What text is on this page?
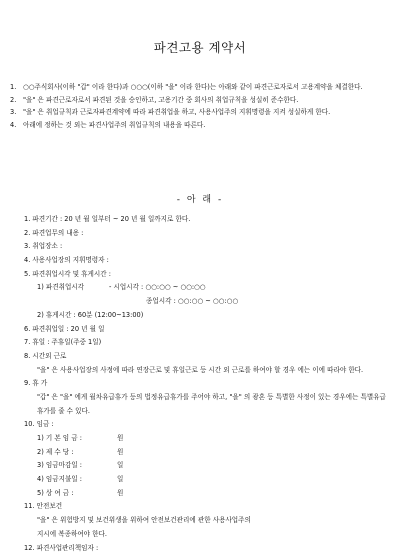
파견고용 계약서
1.	○○주식회사(이하 "갑" 이라 한다)과 ○○○(이하 "을" 이라 한다)는 아래와 같이 파견근로자로서 고용계약을 체결한다.
2.	"을" 은 파견근로자로서 파견된 것을 승인하고, 고용기간 중 회사의 취업규칙을 성실히 준수한다.
3.	"을" 은 취업규칙과 근로자파견계약에 따라 파견취업을 하고, 사용사업주의 지휘명령을 지켜 성실하게 한다.
4.	아래에 정하는 것 외는 파견사업주의 취업규칙의 내용을 따른다.
- 아 래 -
1. 파견기간 : 20 년 월 일부터 ~ 20 년 월 일까지로 한다.
2. 파견업무의 내용 :
3. 취업장소 :
4. 사용사업장의 지휘명령자 :
5. 파견취업시각 및 휴게시간 :
1) 파견취업시각	- 시업시각 : ○○:○○ ~ ○○:○○
종업시각 : ○○:○○ ~ ○○:○○
2) 휴게시간 : 60분 (12:00~13:00)
6. 파견취업일 : 20 년 월 일
7. 휴일 : 주휴일(주중 1일)
8. 시간외 근로
"을" 은 사용사업장의 사정에 따라 연장근로 및 휴일근로 등 시간 외 근로를 하여야 할 경우 에는 이에 따라야 한다.
9. 휴 가
"갑" 은 "을" 에게 월차유급휴가 등의 법정유급휴가를 주어야 하고, "을" 의 광혼 등 특별한 사정이 있는 경우에는 특별유급휴가를 줄 수 있다.
10. 임금 :
1) 기 본 임 금 :	원
2) 제 수 당 :	원
3) 임금마감일 :	일
4) 임금지불일 :	일
5) 상 여 금 :	원
11. 안전보건
"을" 은 위험방지 및 보건위생을 위하여 안전보건관리에 관한 사용사업주의
지시에 복종하여야 한다.
12. 파견사업관리책임자 :
